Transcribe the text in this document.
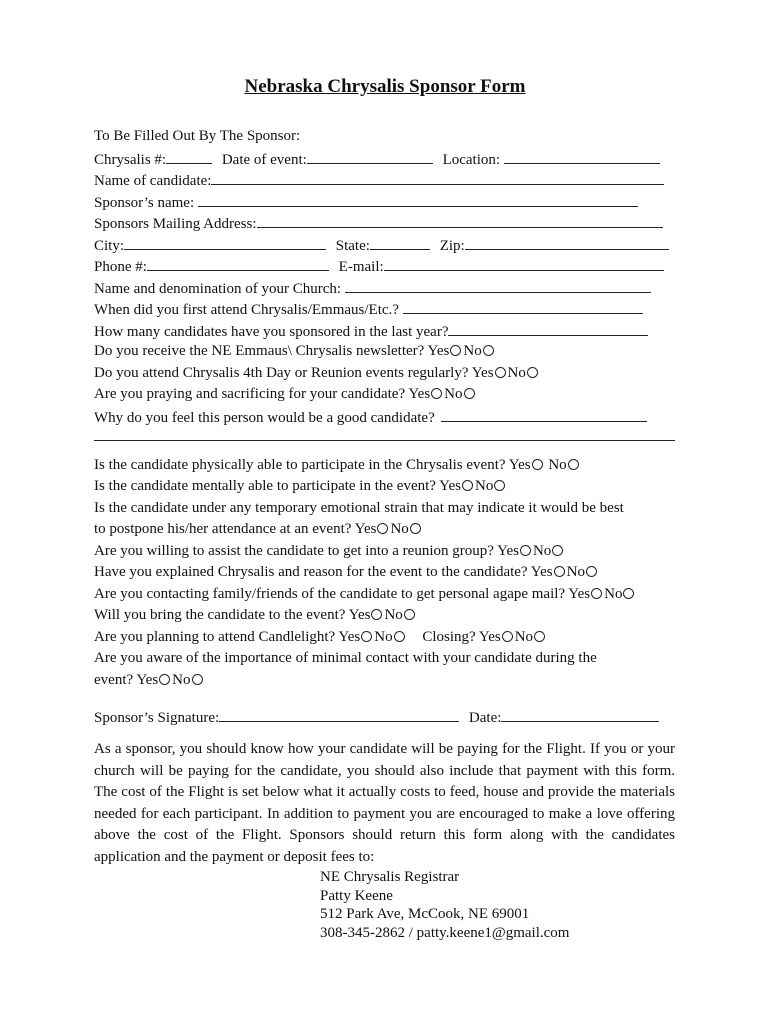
Nebraska Chrysalis Sponsor Form
To Be Filled Out By The Sponsor:
Chrysalis #:	Date of event:	Location:
Name of candidate:
Sponsor’s name:
Sponsors Mailing Address:
City:	State:	Zip:
Phone #:	E-mail:
Name and denomination of your Church:
When did you first attend Chrysalis/Emmaus/Etc.?
How many candidates have you sponsored in the last year?
Do you receive the NE Emmaus\ Chrysalis newsletter? Yes No
Do you attend Chrysalis 4th Day or Reunion events regularly? Yes No
Are you praying and sacrificing for your candidate? Yes No
Why do you feel this person would be a good candidate?
Is the candidate physically able to participate in the Chrysalis event? Yes No
Is the candidate mentally able to participate in the event? Yes No
Is the candidate under any temporary emotional strain that may indicate it would be best
to postpone his/her attendance at an event? Yes No
Are you willing to assist the candidate to get into a reunion group? Yes No
Have you explained Chrysalis and reason for the event to the candidate? Yes No
Are you contacting family/friends of the candidate to get personal agape mail? Yes No
Will you bring the candidate to the event? Yes No
Are you planning to attend Candlelight? Yes No Closing? Yes No
Are you aware of the importance of minimal contact with your candidate during the
event? Yes No
Sponsor’s Signature:	Date:
As a sponsor, you should know how your candidate will be paying for the Flight. If you or your church will be paying for the candidate, you should also include that payment with this form. The cost of the Flight is set below what it actually costs to feed, house and provide the materials needed for each participant. In addition to payment you are encouraged to make a love offering above the cost of the Flight. Sponsors should return this form along with the candidates application and the payment or deposit fees to:
NE Chrysalis Registrar
Patty Keene
512 Park Ave, McCook, NE 69001
308-345-2862 / patty.keene1@gmail.com
